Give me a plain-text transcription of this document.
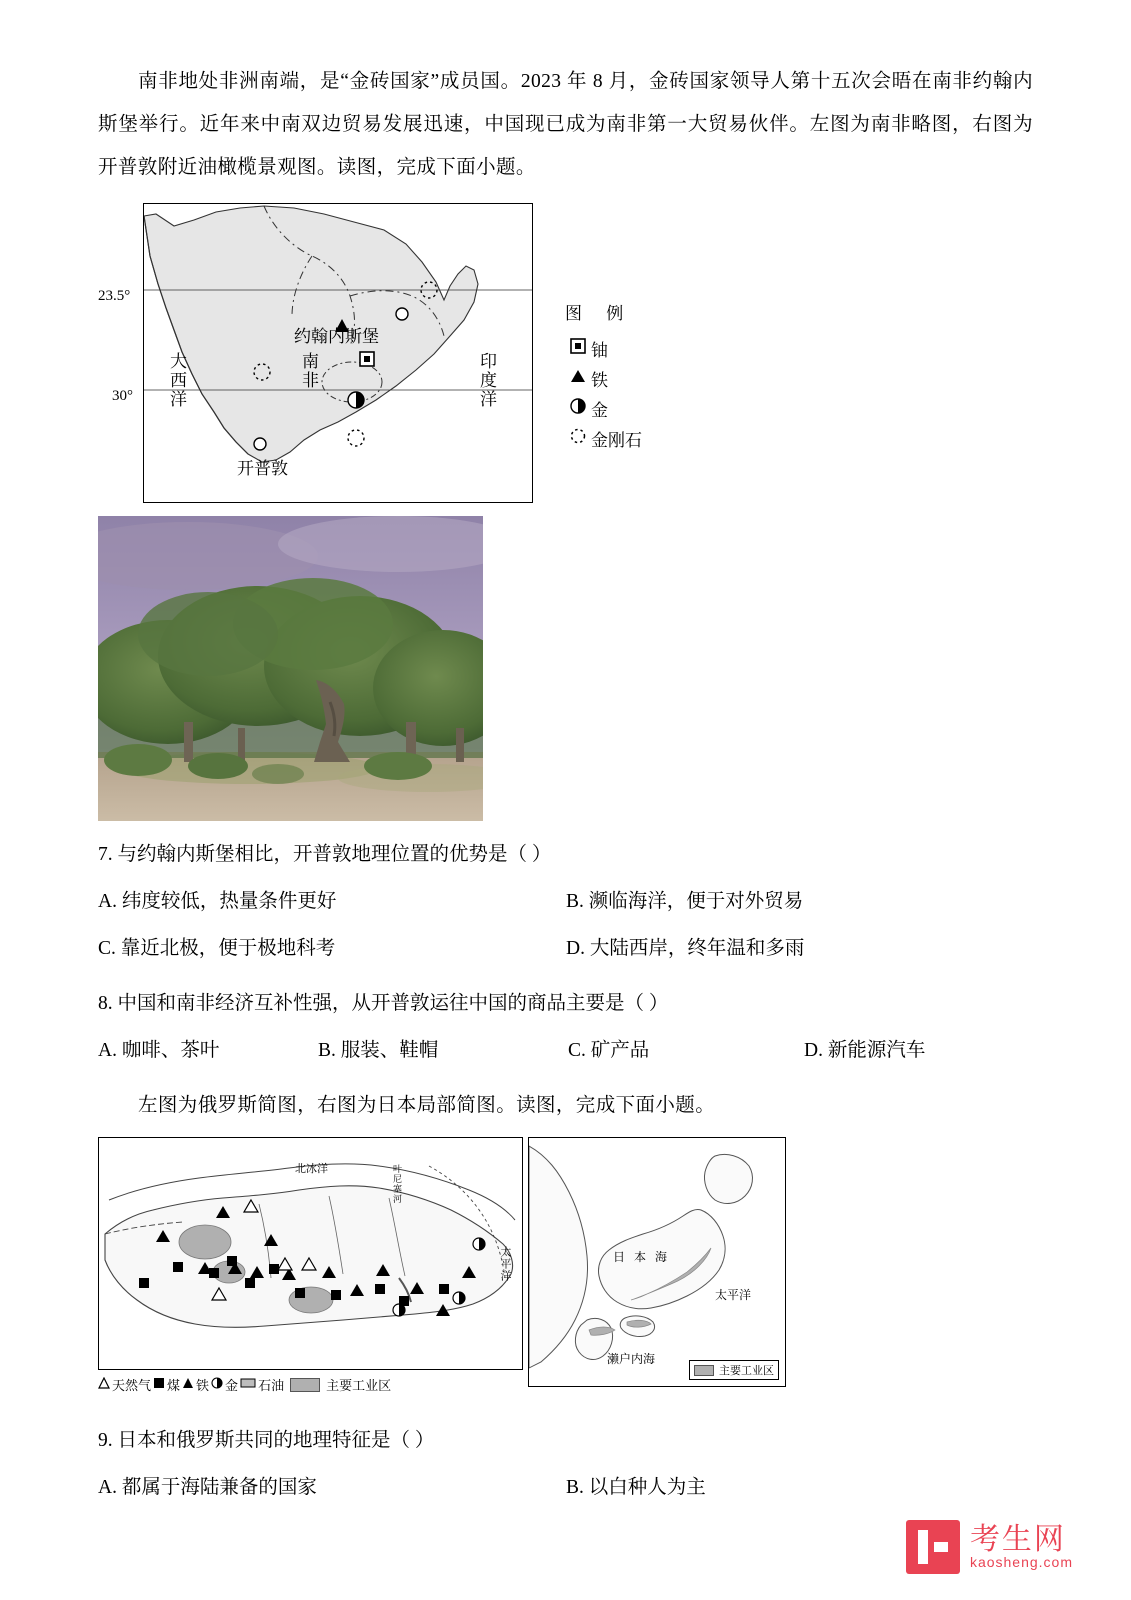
南非地处非洲南端，是“金砖国家”成员国。2023 年 8 月，金砖国家领导人第十五次会晤在南非约翰内斯堡举行。近年来中南双边贸易发展迅速，中国现已成为南非第一大贸易伙伴。左图为南非略图，右图为开普敦附近油橄榄景观图。读图，完成下面小题。

23.5°
30°
约翰内斯堡
开普敦
南非
大西洋	印度洋
图 例
铀
铁
金
金刚石
7. 与约翰内斯堡相比，开普敦地理位置的优势是（ ）
A. 纬度较低，热量条件更好	B. 濒临海洋，便于对外贸易
C. 靠近北极，便于极地科考	D. 大陆西岸，终年温和多雨
8. 中国和南非经济互补性强，从开普敦运往中国的商品主要是（ ）
A. 咖啡、茶叶	B. 服装、鞋帽	C. 矿产品	D. 新能源汽车

左图为俄罗斯简图，右图为日本局部简图。读图，完成下面小题。

北冰洋	叶尼塞河
太平洋
天然气 煤 铁 金 石油	主要工业区
日 本 海
太平洋
濑户内海
主要工业区
9. 日本和俄罗斯共同的地理特征是（ ）
A. 都属于海陆兼备的国家	B. 以白种人为主
考生网
kaosheng.com
